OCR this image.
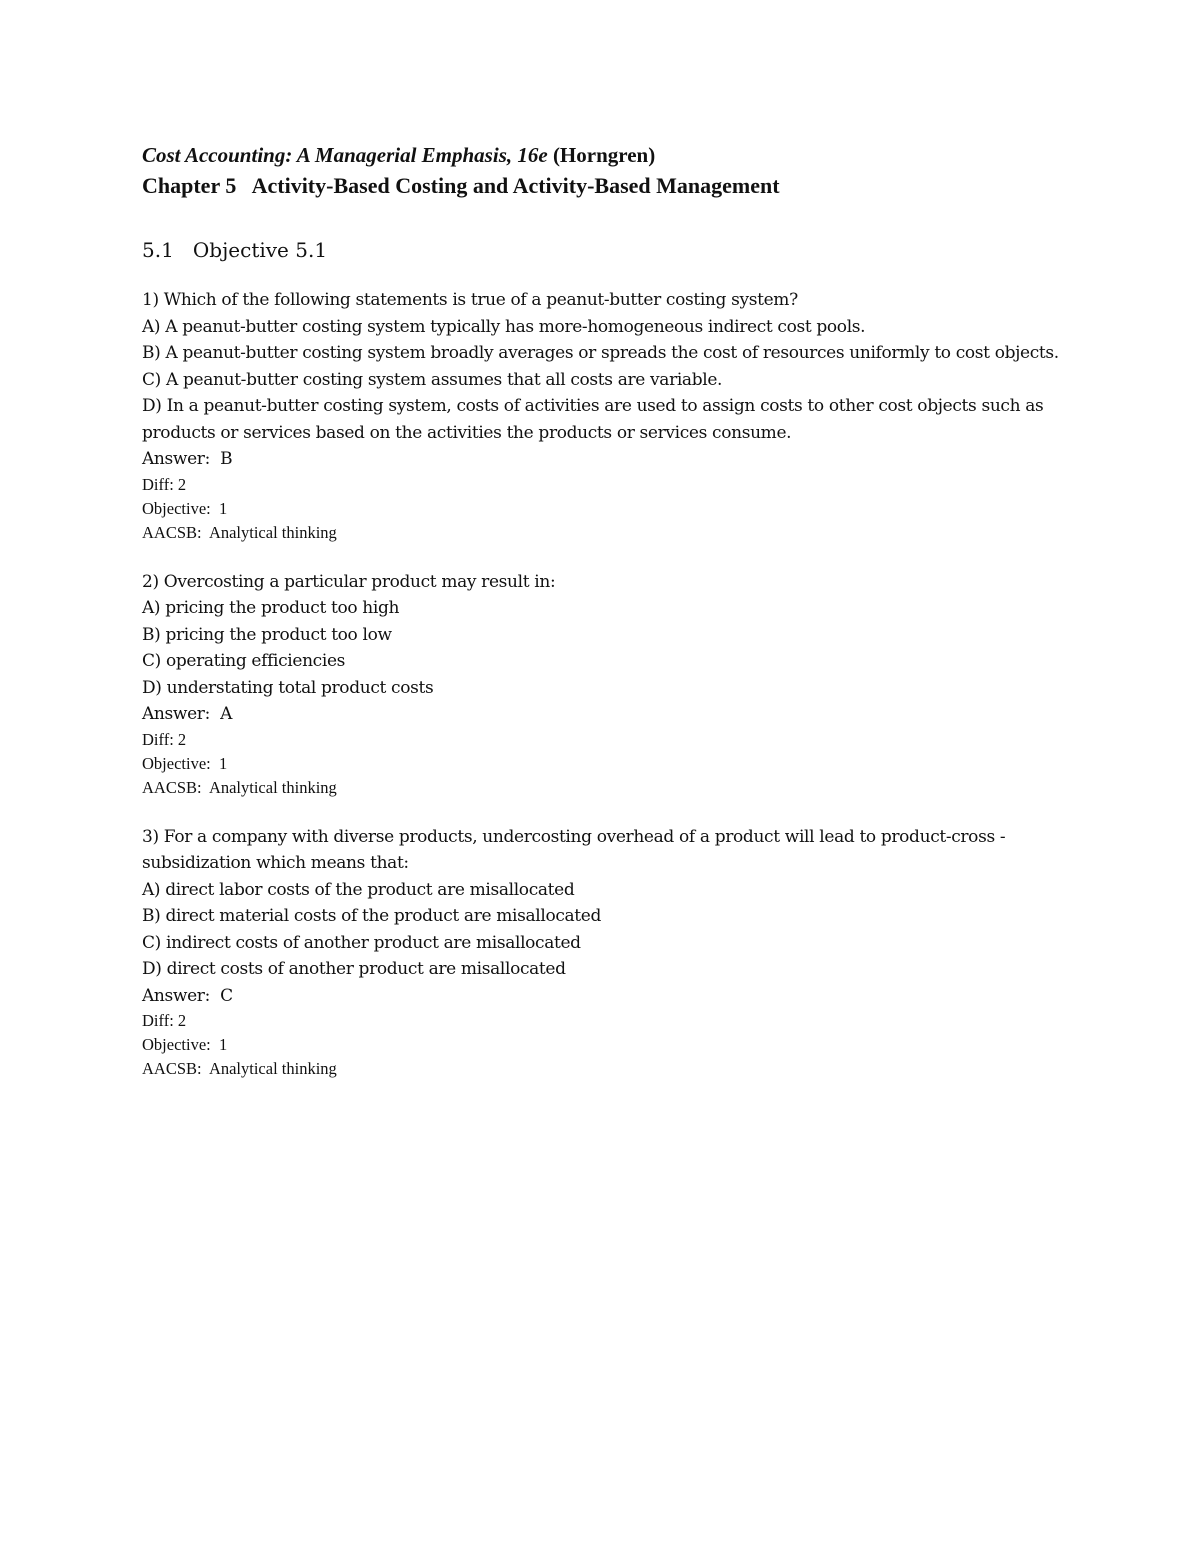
Cost Accounting: A Managerial Emphasis, 16e (Horngren)

Chapter 5   Activity-Based Costing and Activity-Based Management

5.1   Objective 5.1

1) Which of the following statements is true of a peanut-butter costing system?

A) A peanut-butter costing system typically has more-homogeneous indirect cost pools.

B) A peanut-butter costing system broadly averages or spreads the cost of resources uniformly to cost objects.

C) A peanut-butter costing system assumes that all costs are variable.

D) In a peanut-butter costing system, costs of activities are used to assign costs to other cost objects such as products or services based on the activities the products or services consume.

Answer:  B

Diff: 2

Objective:  1

AACSB:  Analytical thinking

2) Overcosting a particular product may result in:

A) pricing the product too high

B) pricing the product too low

C) operating efficiencies

D) understating total product costs

Answer:  A

Diff: 2

Objective:  1

AACSB:  Analytical thinking

3) For a company with diverse products, undercosting overhead of a product will lead to product-cross - subsidization which means that:

A) direct labor costs of the product are misallocated

B) direct material costs of the product are misallocated

C) indirect costs of another product are misallocated

D) direct costs of another product are misallocated

Answer:  C

Diff: 2

Objective:  1

AACSB:  Analytical thinking
